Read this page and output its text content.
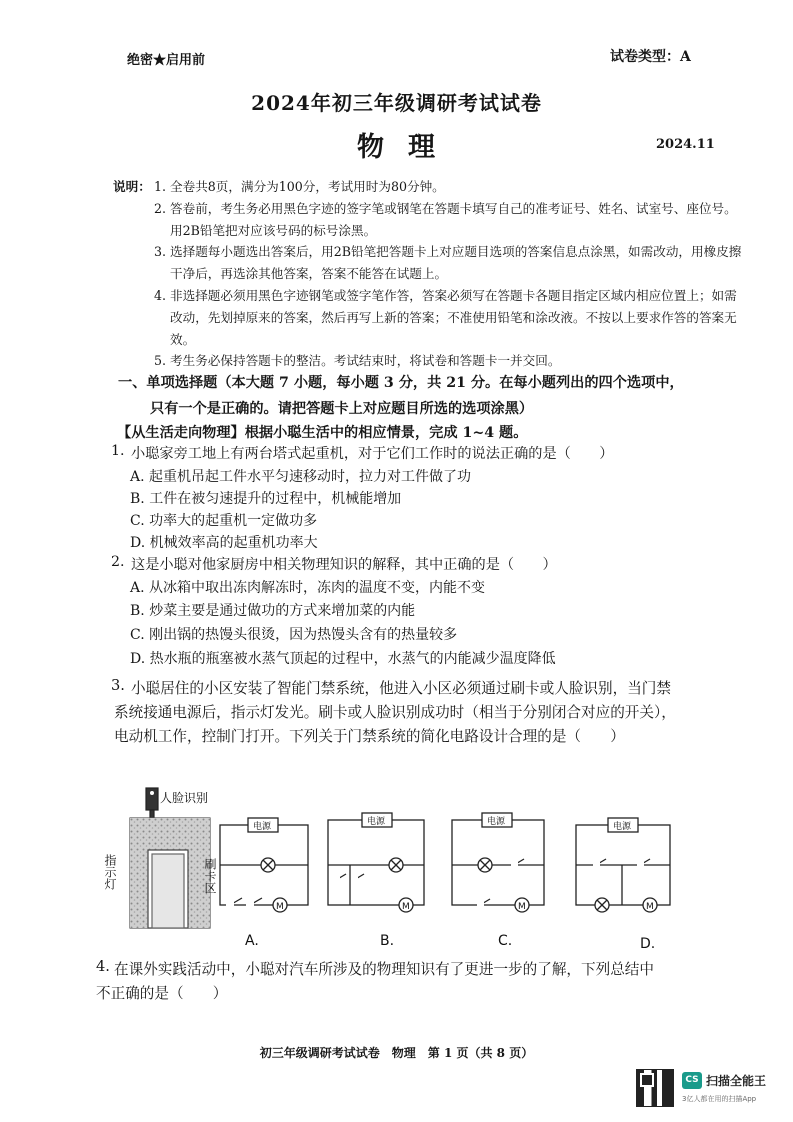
绝密★启用前	试卷类型：A
2024年初三年级调研考试试卷
物理	2024.11
说明： 1. 全卷共8页，满分为100分，考试用时为80分钟。
2. 答卷前，考生务必用黑色字迹的签字笔或钢笔在答题卡填写自己的准考证号、姓名、试室号、座位号。用2B铅笔把对应该号码的标号涂黑。
3. 选择题每小题选出答案后，用2B铅笔把答题卡上对应题目选项的答案信息点涂黑，如需改动，用橡皮擦干净后，再选涂其他答案，答案不能答在试题上。
4. 非选择题必须用黑色字迹钢笔或签字笔作答，答案必须写在答题卡各题目指定区域内相应位置上；如需改动，先划掉原来的答案，然后再写上新的答案；不准使用铅笔和涂改液。不按以上要求作答的答案无效。
5. 考生务必保持答题卡的整洁。考试结束时，将试卷和答题卡一并交回。
一、单项选择题（本大题 7 小题，每小题 3 分，共 21 分。在每小题列出的四个选项中，
只有一个是正确的。请把答题卡上对应题目所选的选项涂黑）
【从生活走向物理】根据小聪生活中的相应情景，完成 1~4 题。
1. 小聪家旁工地上有两台塔式起重机，对于它们工作时的说法正确的是（　　）
A. 起重机吊起工件水平匀速移动时，拉力对工件做了功
B. 工件在被匀速提升的过程中，机械能增加
C. 功率大的起重机一定做功多
D. 机械效率高的起重机功率大
2. 这是小聪对他家厨房中相关物理知识的解释，其中正确的是（　　）
A. 从冰箱中取出冻肉解冻时，冻肉的温度不变，内能不变
B. 炒菜主要是通过做功的方式来增加菜的内能
C. 刚出锅的热馒头很烫，因为热馒头含有的热量较多
D. 热水瓶的瓶塞被水蒸气顶起的过程中，水蒸气的内能减少温度降低
3. 小聪居住的小区安装了智能门禁系统，他进入小区必须通过刷卡或人脸识别，当门禁
系统接通电源后，指示灯发光。刷卡或人脸识别成功时（相当于分别闭合对应的开关），
电动机工作，控制门打开。下列关于门禁系统的简化电路设计合理的是（　　）
人脸识别
指示灯	刷卡区
电源
M
电源
M
电源
M
电源
M
A.	B.	C.	D.
4. 在课外实践活动中，小聪对汽车所涉及的物理知识有了更进一步的了解，下列总结中
不正确的是（　　）
初三年级调研考试试卷　物理　第 1 页（共 8 页）
CS 扫描全能王
3亿人都在用的扫描App
